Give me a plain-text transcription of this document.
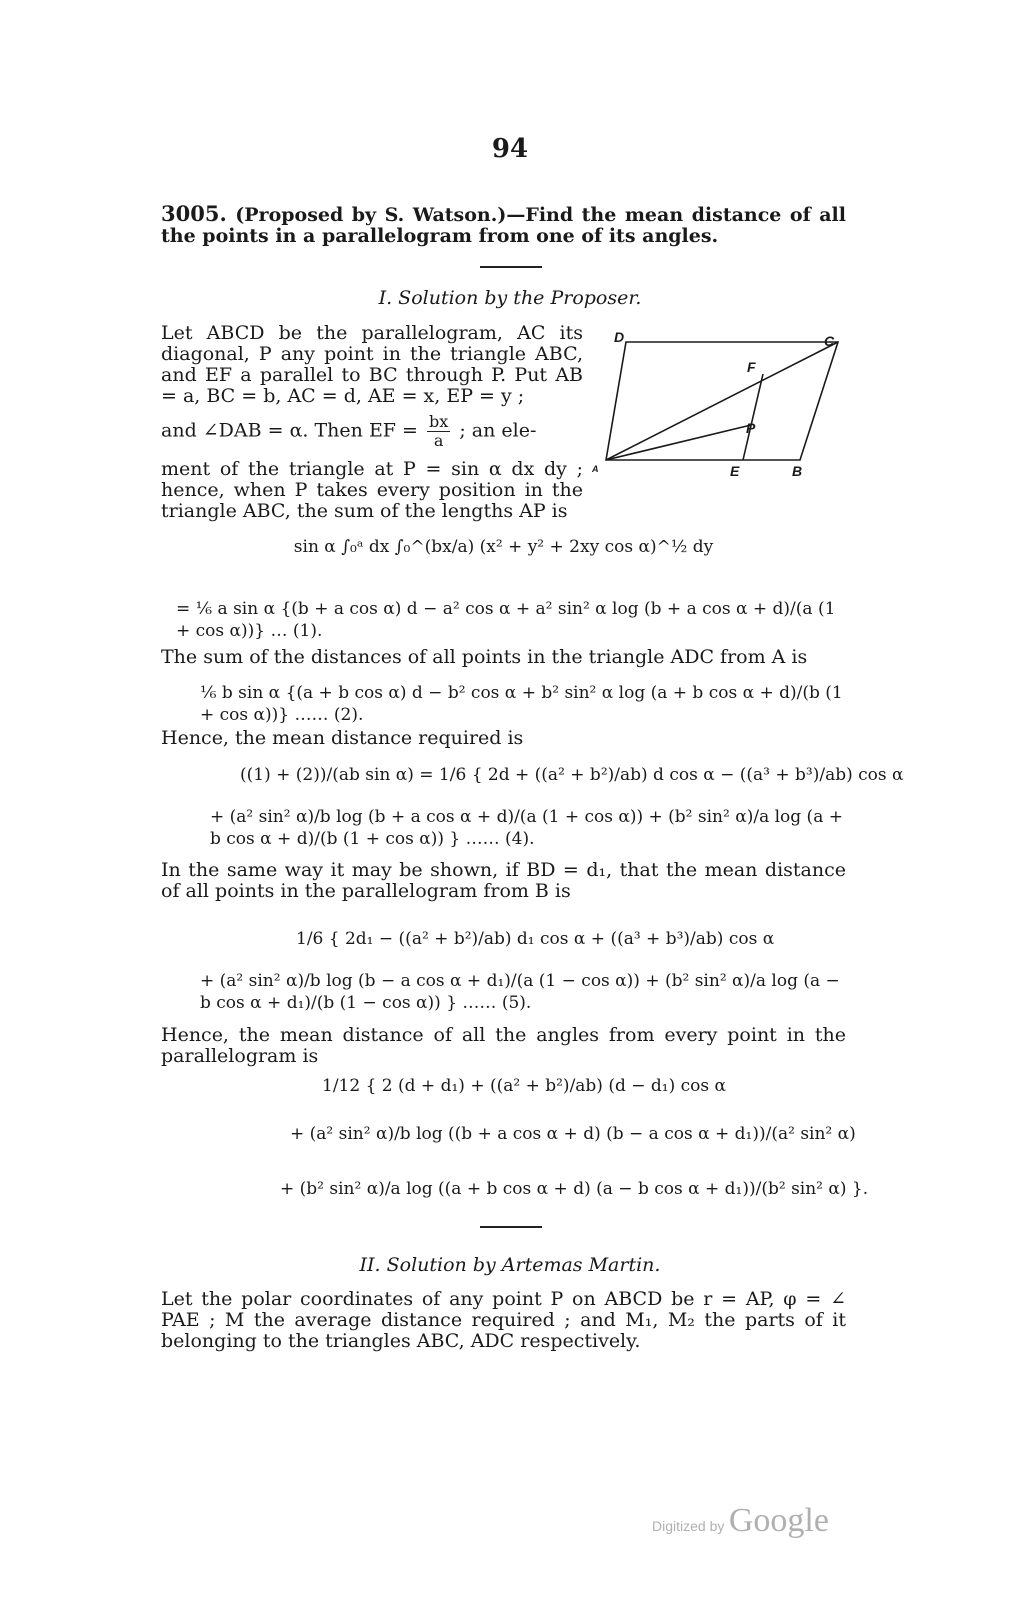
94
3005. (Proposed by S. Watson.)—Find the mean distance of all the points in a parallelogram from one of its angles.
I. Solution by the Proposer.
Let ABCD be the parallelogram, AC its diagonal, P any point in the triangle ABC, and EF a parallel to BC through P. Put AB = a, BC = b, AC = d, AE = x, EP = y ;
and ∠DAB = α. Then EF = $\frac{bx}{a}$ ; an ele-
ment of the triangle at P = sin α dx dy ; hence, when P takes every position in the triangle ABC, the sum of the lengths AP is
D	C
F
P
A	E	B
sin α ∫₀ᵃ dx ∫₀^(bx/a) (x² + y² + 2xy cos α)^½ dy
= ⅙ a sin α {(b + a cos α) d − a² cos α + a² sin² α log (b + a cos α + d)/(a (1 + cos α))} … (1).
The sum of the distances of all points in the triangle ADC from A is
⅙ b sin α {(a + b cos α) d − b² cos α + b² sin² α log (a + b cos α + d)/(b (1 + cos α))} …… (2).
Hence, the mean distance required is
((1) + (2))/(ab sin α) = 1/6 { 2d + ((a² + b²)/ab) d cos α − ((a³ + b³)/ab) cos α
+ (a² sin² α)/b log (b + a cos α + d)/(a (1 + cos α)) + (b² sin² α)/a log (a + b cos α + d)/(b (1 + cos α)) } …… (4).
In the same way it may be shown, if BD = d₁, that the mean distance of all points in the parallelogram from B is
1/6 { 2d₁ − ((a² + b²)/ab) d₁ cos α + ((a³ + b³)/ab) cos α
+ (a² sin² α)/b log (b − a cos α + d₁)/(a (1 − cos α)) + (b² sin² α)/a log (a − b cos α + d₁)/(b (1 − cos α)) } …… (5).
Hence, the mean distance of all the angles from every point in the parallelogram is
1/12 { 2 (d + d₁) + ((a² + b²)/ab) (d − d₁) cos α
+ (a² sin² α)/b log ((b + a cos α + d) (b − a cos α + d₁))/(a² sin² α)
+ (b² sin² α)/a log ((a + b cos α + d) (a − b cos α + d₁))/(b² sin² α) }.
II. Solution by Artemas Martin.
Let the polar coordinates of any point P on ABCD be r = AP, φ = ∠ PAE ; M the average distance required ; and M₁, M₂ the parts of it belonging to the triangles ABC, ADC respectively.
Digitized by Google
